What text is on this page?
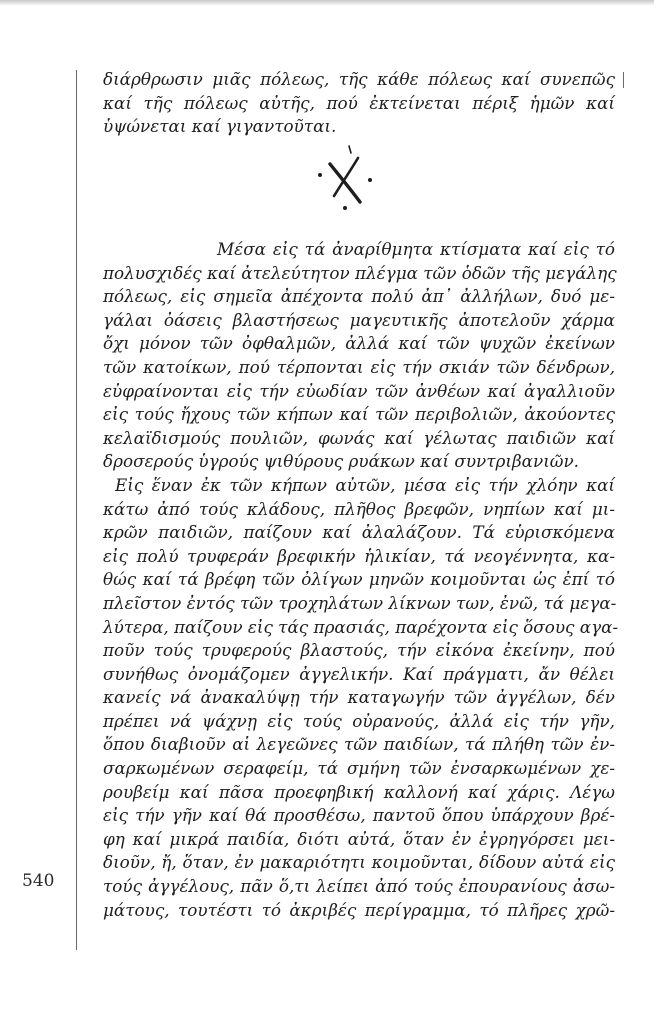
διάρθρωσιν μιᾶς πόλεως, τῆς κάθε πόλεως καί συνεπῶς
καί τῆς πόλεως αὐτῆς, πού ἐκτείνεται πέριξ ἡμῶν καί
ὑψώνεται καί γιγαντοῦται.
Μέσα εἰς τά ἀναρίθμητα κτίσματα καί εἰς τό
πολυσχιδές καί ἀτελεύτητον πλέγμα τῶν ὁδῶν τῆς μεγάλης
πόλεως, εἰς σημεῖα ἀπέχοντα πολύ ἀπ᾽ ἀλλήλων, δυό με-
γάλαι ὀάσεις βλαστήσεως μαγευτικῆς ἀποτελοῦν χάρμα
ὄχι μόνον τῶν ὀφθαλμῶν, ἀλλά καί τῶν ψυχῶν ἐκείνων
τῶν κατοίκων, πού τέρπονται εἰς τήν σκιάν τῶν δένδρων,
εὐφραίνονται εἰς τήν εὐωδίαν τῶν ἀνθέων καί ἀγαλλιοῦν
εἰς τούς ἤχους τῶν κήπων καί τῶν περιβολιῶν, ἀκούοντες
κελαϊδισμούς πουλιῶν, φωνάς καί γέλωτας παιδιῶν καί
δροσερούς ὑγρούς ψιθύρους ρυάκων καί συντριβανιῶν.
Εἰς ἕναν ἐκ τῶν κήπων αὐτῶν, μέσα εἰς τήν χλόην καί
κάτω ἀπό τούς κλάδους, πλῆθος βρεφῶν, νηπίων καί μι-
κρῶν παιδιῶν, παίζουν καί ἀλαλάζουν. Τά εὑρισκόμενα
εἰς πολύ τρυφεράν βρεφικήν ἡλικίαν, τά νεογέννητα, κα-
θώς καί τά βρέφη τῶν ὀλίγων μηνῶν κοιμοῦνται ὡς ἐπί τό
πλεῖστον ἐντός τῶν τροχηλάτων λίκνων των, ἐνῶ, τά μεγα-
λύτερα, παίζουν εἰς τάς πρασιάς, παρέχοντα εἰς ὅσους αγα-
ποῦν τούς τρυφερούς βλαστούς, τήν εἰκόνα ἐκείνην, πού
συνήθως ὀνομάζομεν ἀγγελικήν. Καί πράγματι, ἄν θέλει
κανείς νά ἀνακαλύψῃ τήν καταγωγήν τῶν ἀγγέλων, δέν
πρέπει νά ψάχνῃ εἰς τούς οὐρανούς, ἀλλά εἰς τήν γῆν,
ὅπου διαβιοῦν αἱ λεγεῶνες τῶν παιδίων, τά πλήθη τῶν ἐν-
σαρκωμένων σεραφείμ, τά σμήνη τῶν ἐνσαρκωμένων χε-
ρουβείμ καί πᾶσα προεφηβική καλλονή καί χάρις. Λέγω
εἰς τήν γῆν καί θά προσθέσω, παντοῦ ὅπου ὑπάρχουν βρέ-
φη καί μικρά παιδία, διότι αὐτά, ὅταν ἐν ἐγρηγόρσει μει-
διοῦν, ἤ, ὅταν, ἐν μακαριότητι κοιμοῦνται, δίδουν αὐτά εἰς
τούς ἀγγέλους, πᾶν ὅ,τι λείπει ἀπό τούς ἐπουρανίους ἀσω-
μάτους, τουτέστι τό ἀκριβές περίγραμμα, τό πλῆρες χρῶ-

540
